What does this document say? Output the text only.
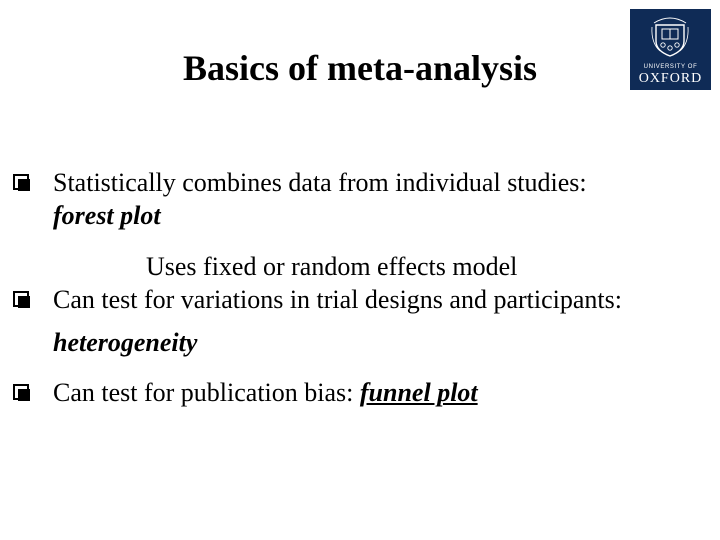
Basics of meta-analysis	UNIVERSITY OF
OXFORD
Statistically combines data from individual studies:
forest plot
Uses fixed or random effects model
Can test for variations in trial designs and participants:
heterogeneity
Can test for publication bias: funnel plot
